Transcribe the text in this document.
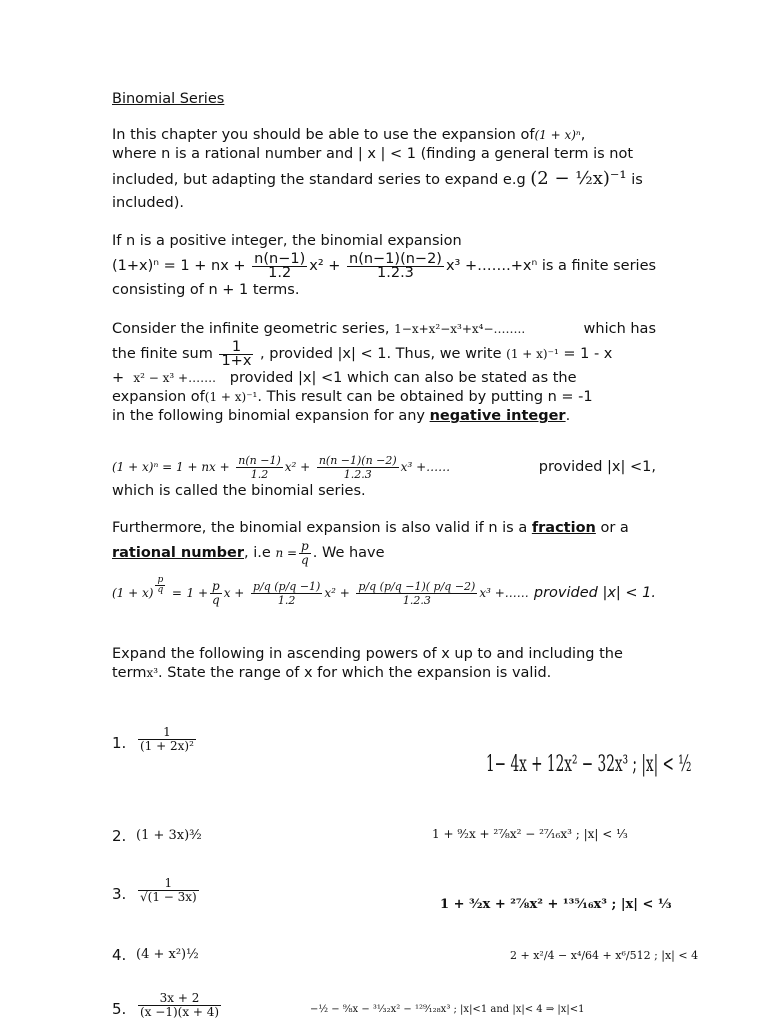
Binomial Series
In this chapter you should be able to use the expansion of(1 + x)ⁿ,
where n is a rational number and | x | < 1 (finding a general term is not
included, but adapting the standard series to expand e.g (2 − ½x)⁻¹ is
included).
If n is a positive integer, the binomial expansion
(1+x)ⁿ = 1 + nx + $\frac{n(n-1)}{1.2} x^2 + \frac{n(n-1)(n-2)}{1.2.3} x^3$ +…….+xⁿ is a finite series
consisting of n + 1 terms.
Consider the infinite geometric series, 1−x+x²−x³+x⁴−……..	which has
the finite sum $\frac{1}{1+x}$ , provided |x| < 1. Thus, we write (1 + x)⁻¹ = 1 - x
+ x² − x³ +……. provided |x| <1 which can also be stated as the
expansion of(1 + x)⁻¹. This result can be obtained by putting n = -1
in the following binomial expansion for any negative integer.
(1 + x)ⁿ = 1 + nx + $\frac{n(n -1)}{1.2} x^2 + \frac{n(n -1)(n -2)}{1.2.3} x^3$ +……	provided |x| <1,
which is called the binomial series.
Furthermore, the binomial expansion is also valid if n is a fraction or a
rational number, i.e $n = \frac{p}{q}$ . We have
$(1 + x) \frac{p}{q} = 1 + \frac{p}{q}$ $x + \frac{p/q (p/q -1)}{1.2} x^2 + \frac{p/q (p/q -1)( p/q -2)}{1.2.3} x^3$ +…… provided |x| < 1.
Expand the following in ascending powers of x up to and including the
termx³. State the range of x for which the expansion is valid.
1. $\frac{1}{\text{(1 + 2x)²}}$
1− 4x + 12x² − 32x³ ; |x| < ½
2. (1 + 3x)³⁄₂	1 + ⁹⁄₂x + ²⁷⁄₈x² − ²⁷⁄₁₆x³ ; |x| < ⅓
3. $\frac{1}{√(1 - 3x)}$
1 + ³⁄₂x + ²⁷⁄₈x² + ¹³⁵⁄₁₆x³ ; |x| < ⅓
4. (4 + x²)½	2 + x²/4 − x⁴/64 + x⁶/512 ; |x| < 4
5. $\frac{3x + 2}{(x -1)(x + 4)}$	−½ − ⁹⁄₈x − ³¹⁄₃₂x² − ¹²⁹⁄₁₂₈x³ ; |x|<1 and |x|< 4 ⇒ |x|<1
